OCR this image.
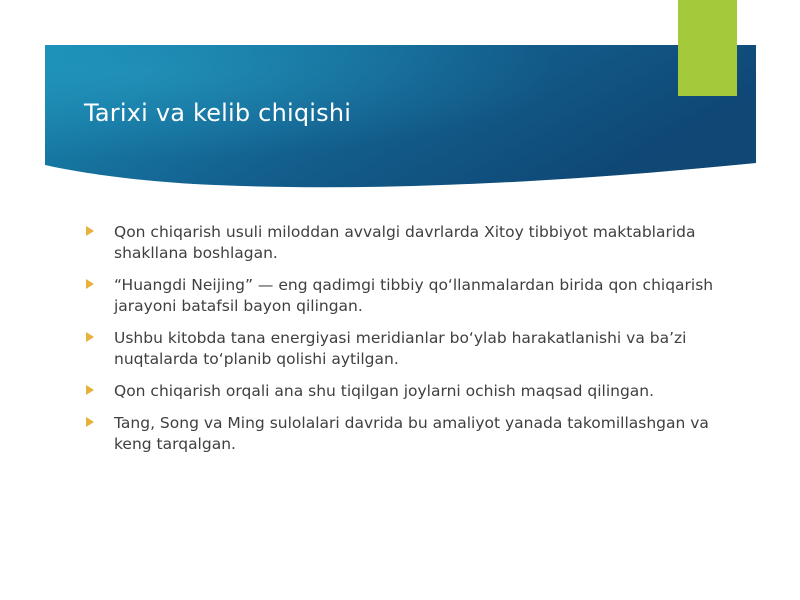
Tarixi va kelib chiqishi
Qon chiqarish usuli miloddan avvalgi davrlarda Xitoy tibbiyot maktablarida shakllana boshlagan.
“Huangdi Neijing” — eng qadimgi tibbiy qo‘llanmalardan birida qon chiqarish jarayoni batafsil bayon qilingan.
Ushbu kitobda tana energiyasi meridianlar bo‘ylab harakatlanishi va ba’zi nuqtalarda to‘planib qolishi aytilgan.
Qon chiqarish orqali ana shu tiqilgan joylarni ochish maqsad qilingan.
Tang, Song va Ming sulolalari davrida bu amaliyot yanada takomillashgan va keng tarqalgan.
